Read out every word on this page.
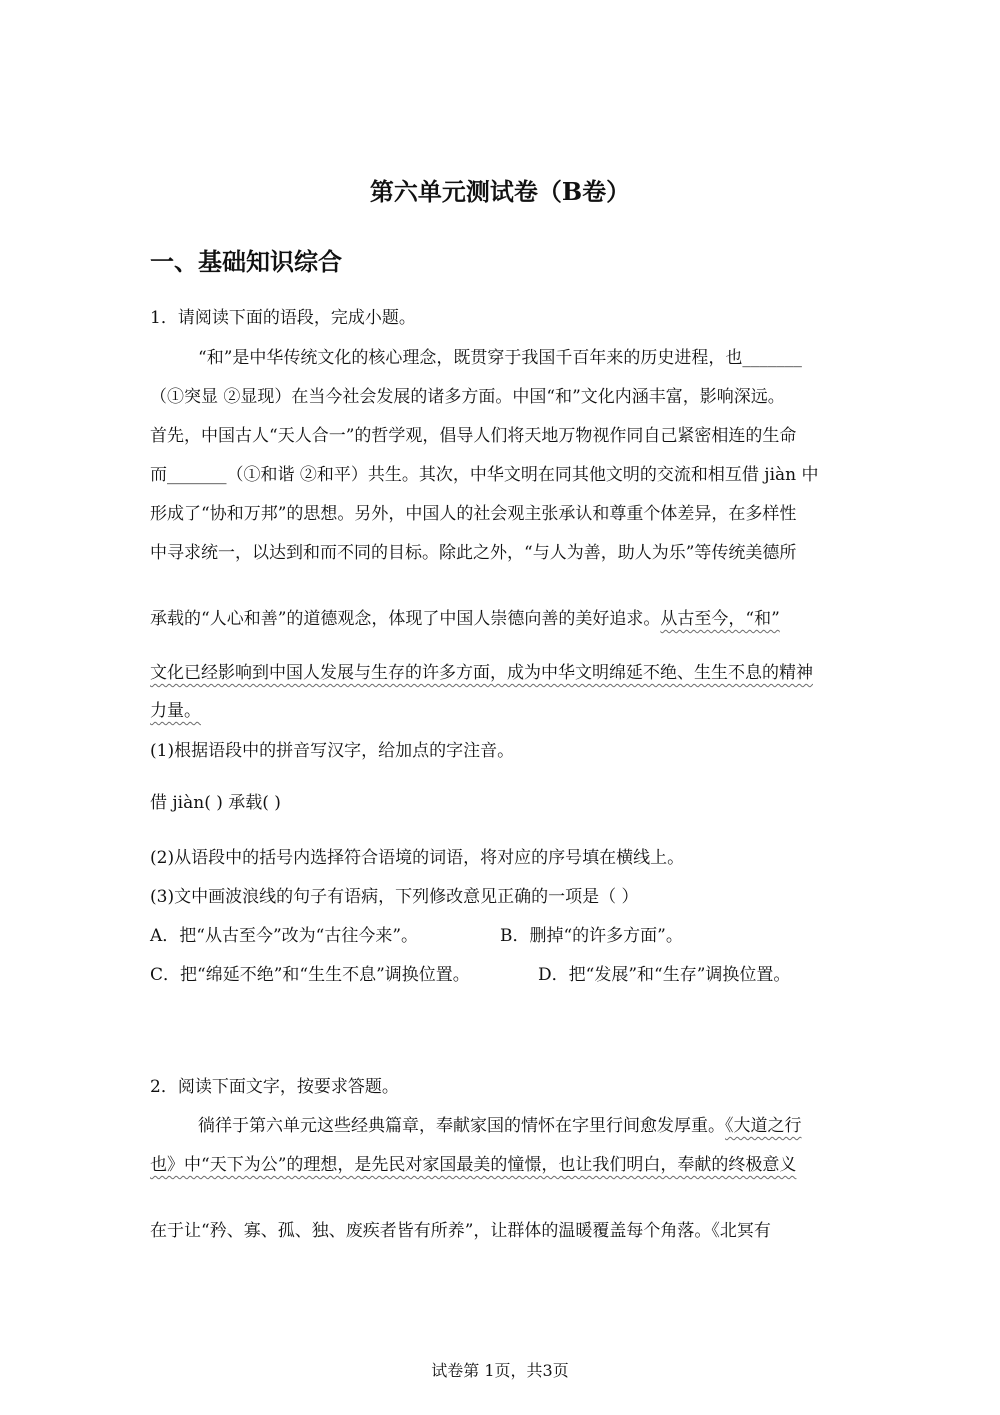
第六单元测试卷（B卷）
一、基础知识综合
1．请阅读下面的语段，完成小题。
“和”是中华传统文化的核心理念，既贯穿于我国千百年来的历史进程，也_______
（①突显 ②显现）在当今社会发展的诸多方面。中国“和”文化内涵丰富，影响深远。
首先，中国古人“天人合一”的哲学观，倡导人们将天地万物视作同自己紧密相连的生命
而_______（①和谐 ②和平）共生。其次，中华文明在同其他文明的交流和相互借 jiàn 中
形成了“协和万邦”的思想。另外，中国人的社会观主张承认和尊重个体差异，在多样性
中寻求统一，以达到和而不同的目标。除此之外，“与人为善，助人为乐”等传统美德所
承载的“人心和善”的道德观念，体现了中国人崇德向善的美好追求。从古至今，“和”
文化已经影响到中国人发展与生存的许多方面，成为中华文明绵延不绝、生生不息的精神
力量。
(1)根据语段中的拼音写汉字，给加点的字注音。
借 jiàn( ) 承载( )
(2)从语段中的括号内选择符合语境的词语，将对应的序号填在横线上。
(3)文中画波浪线的句子有语病，下列修改意见正确的一项是（ ）
A．把“从古至今”改为“古往今来”。	B．删掉“的许多方面”。
C．把“绵延不绝”和“生生不息”调换位置。	D．把“发展”和“生存”调换位置。
2．阅读下面文字，按要求答题。
徜徉于第六单元这些经典篇章，奉献家国的情怀在字里行间愈发厚重。《大道之行
也》中“天下为公”的理想，是先民对家国最美的憧憬，也让我们明白，奉献的终极意义
在于让“矜、寡、孤、独、废疾者皆有所养”，让群体的温暖覆盖每个角落。《北冥有
试卷第 1页，共3页
